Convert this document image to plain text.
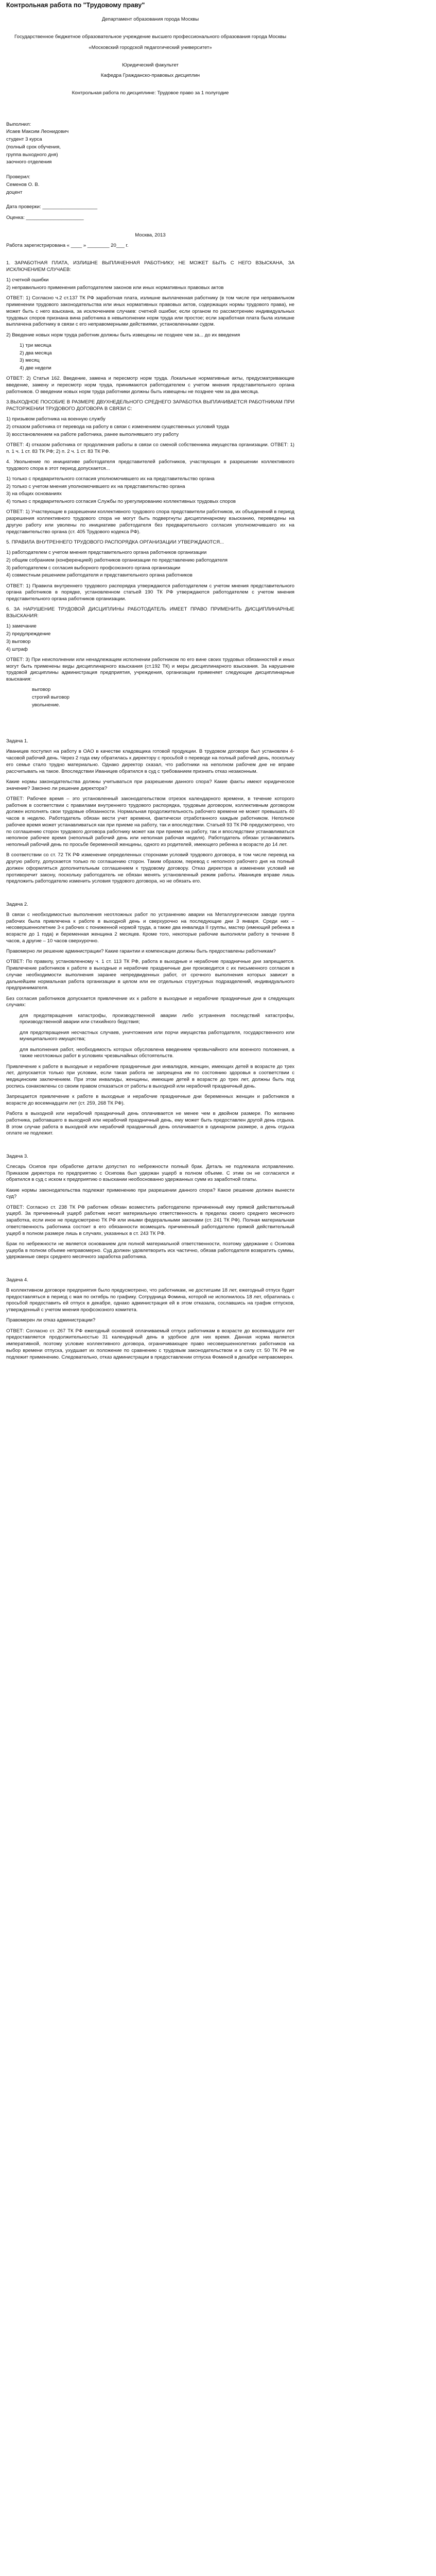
Контрольная работа по "Трудовому праву"

Департамент образования города Москвы

Государственное бюджетное образовательное учреждение высшего профессионального образования города Москвы

«Московский городской педагогический университет»

Юридический факультет

Кафедра Гражданско-правовых дисциплин

Контрольная работа по дисциплине: Трудовое право за 1 полугодие

Выполнил:

Исаев Максим Леонидович

студент 3 курса

(полный срок обучения,

группа выходного дня)

заочного отделения

Проверил:

Семенов О. В.

доцент

Дата проверки: ____________________

Оценка: _____________________

Москва, 2013

Работа зарегистрирована « ____ » ________ 20___ г.

1. ЗАРАБОТНАЯ ПЛАТА, ИЗЛИШНЕ ВЫПЛАЧЕННАЯ РАБОТНИКУ, НЕ МОЖЕТ БЫТЬ С НЕГО ВЗЫСКАНА, ЗА ИСКЛЮЧЕНИЕМ СЛУЧАЕВ:

1) счетной ошибки

2) неправильного применения работодателем законов или иных нормативных правовых актов

ОТВЕТ: 1) Согласно ч.2 ст.137 ТК РФ заработная плата, излишне выплаченная работнику (в том числе при неправильном применении трудового законодательства или иных нормативных правовых актов, содержащих нормы трудового права), не может быть с него взыскана, за исключением случаев: счетной ошибки; если органом по рассмотрению индивидуальных трудовых споров признана вина работника в невыполнении норм труда или простое; если заработная плата была излишне выплачена работнику в связи с его неправомерными действиями, установленными судом.

2) Введение новых норм труда работник должны быть извещены не позднее чем за... до их введения

1) три месяца

2) два месяца

3) месяц

4) две недели

ОТВЕТ: 2) Статья 162. Введение, замена и пересмотр норм труда. Локальные нормативные акты, предусматривающие введение, замену и пересмотр норм труда, принимаются работодателем с учетом мнения представительного органа работников. О введении новых норм труда работники должны быть извещены не позднее чем за два месяца.

3.ВЫХОДНОЕ ПОСОБИЕ В РАЗМЕРЕ ДВУХНЕДЕЛЬНОГО СРЕДНЕГО ЗАРАБОТКА ВЫПЛАЧИВАЕТСЯ РАБОТНИКАМ ПРИ РАСТОРЖЕНИИ ТРУДОВОГО ДОГОВОРА В СВЯЗИ С:

1) призывом работника на военную службу

2) отказом работника от перевода на работу в связи с изменением существенных условий труда

3) восстановлением на работе работника, ранее выполнявшего эту работу

ОТВЕТ: 4) отказом работника от продолжения работы в связи со сменой собственника имущества организации. ОТВЕТ: 1) п. 1 ч. 1 ст. 83 ТК РФ; 2) п. 2 ч. 1 ст. 83 ТК РФ.

4. Увольнение по инициативе работодателя представителей работников, участвующих в разрешении коллективного трудового спора в этот период допускается...

1) только с предварительного согласия уполномочившего их на представительство органа

2) только с учетом мнения уполномочившего их на представительство органа

3) на общих основаниях

4) только с предварительного согласия Службы по урегулированию коллективных трудовых споров

ОТВЕТ: 1) Участвующие в разрешении коллективного трудового спора представители работников, их объединений в период разрешения коллективного трудового спора не могут быть подвергнуты дисциплинарному взысканию, переведены на другую работу или уволены по инициативе работодателя без предварительного согласия уполномочившего их на представительство органа (ст. 405 Трудового кодекса РФ).

5. ПРАВИЛА ВНУТРЕННЕГО ТРУДОВОГО РАСПОРЯДКА ОРГАНИЗАЦИИ УТВЕРЖДАЮТСЯ...

1) работодателем с учетом мнения представительного органа работников организации

2) общим собранием (конференцией) работников организации по представлению работодателя

3) работодателем с согласия выборного профсоюзного органа организации

4) совместным решением работодателя и представительного органа работников

ОТВЕТ: 1) Правила внутреннего трудового распорядка утверждаются работодателем с учетом мнения представительного органа работников в порядке, установленном статьей 190 ТК РФ утверждаются работодателем с учетом мнения представительного органа работников организации.

6. ЗА НАРУШЕНИЕ ТРУДОВОЙ ДИСЦИПЛИНЫ РАБОТОДАТЕЛЬ ИМЕЕТ ПРАВО ПРИМЕНИТЬ ДИСЦИПЛИНАРНЫЕ ВЗЫСКАНИЯ:

1) замечание

2) предупреждение

3) выговор

4) штраф

ОТВЕТ: 3) При неисполнении или ненадлежащем исполнении работником по его вине своих трудовых обязанностей и иных могут быть применены виды дисциплинарного взыскания (ст.192 ТК) и меры дисциплинарного взыскания. За нарушение трудовой дисциплины администрация предприятия, учреждения, организации применяет следующие дисциплинарные взыскания:

выговор

строгий выговор

увольнение.

Задача 1.

Иваницев поступил на работу в ОАО в качестве кладовщика готовой продукции. В трудовом договоре был установлен 4-часовой рабочий день. Через 2 года ему обратилась к директору с просьбой о переводе на полный рабочий день, поскольку его семье стало трудно материально. Однако директор сказал, что работники на неполном рабочем дне не вправе рассчитывать на такое. Впоследствии Иваницев обратился в суд с требованием признать отказ незаконным.

Какие нормы законодательства должны учитываться при разрешении данного спора? Какие факты имеют юридическое значение? Законно ли решение директора?

ОТВЕТ: Рабочее время – это установленный законодательством отрезок календарного времени, в течение которого работник в соответствии с правилами внутреннего трудового распорядка, трудовым договором, коллективным договором должен исполнять свои трудовые обязанности. Нормальная продолжительность рабочего времени не может превышать 40 часов в неделю. Работодатель обязан вести учет времени, фактически отработанного каждым работником. Неполное рабочее время может устанавливаться как при приеме на работу, так и впоследствии. Статьей 93 ТК РФ предусмотрено, что по соглашению сторон трудового договора работнику может как при приеме на работу, так и впоследствии устанавливаться неполное рабочее время (неполный рабочий день или неполная рабочая неделя). Работодатель обязан устанавливать неполный рабочий день по просьбе беременной женщины, одного из родителей, имеющего ребенка в возрасте до 14 лет.

В соответствии со ст. 72 ТК РФ изменение определенных сторонами условий трудового договора, в том числе перевод на другую работу, допускается только по соглашению сторон. Таким образом, перевод с неполного рабочего дня на полный должен оформляться дополнительным соглашением к трудовому договору. Отказ директора в изменении условий не противоречит закону, поскольку работодатель не обязан менять установленный режим работы. Иваницев вправе лишь предложить работодателю изменить условия трудового договора, но не обязать его.

Задача 2.

В связи с необходимостью выполнения неотложных работ по устранению аварии на Металлургическом заводе группа рабочих была привлечена к работе в выходной день и сверхурочно на последующие дни 3 января. Среди них – несовершеннолетние 3-х рабочих с пониженной нормой труда, а также два инвалида II группы, мастер (имеющий ребенка в возрасте до 1 года) и беременная женщина 2 месяцев. Кроме того, некоторые рабочие выполняли работу в течение 8 часов, а другие – 10 часов сверхурочно.

Правомерно ли решение администрации? Какие гарантии и компенсации должны быть предоставлены работникам?

ОТВЕТ: По правилу, установленному ч. 1 ст. 113 ТК РФ, работа в выходные и нерабочие праздничные дни запрещается. Привлечение работников к работе в выходные и нерабочие праздничные дни производится с их письменного согласия в случае необходимости выполнения заранее непредвиденных работ, от срочного выполнения которых зависит в дальнейшем нормальная работа организации в целом или ее отдельных структурных подразделений, индивидуального предпринимателя.

Без согласия работников допускается привлечение их к работе в выходные и нерабочие праздничные дни в следующих случаях:

для предотвращения катастрофы, производственной аварии либо устранения последствий катастрофы, производственной аварии или стихийного бедствия;

для предотвращения несчастных случаев, уничтожения или порчи имущества работодателя, государственного или муниципального имущества;

для выполнения работ, необходимость которых обусловлена введением чрезвычайного или военного положения, а также неотложных работ в условиях чрезвычайных обстоятельств.

Привлечение к работе в выходные и нерабочие праздничные дни инвалидов, женщин, имеющих детей в возрасте до трех лет, допускается только при условии, если такая работа не запрещена им по состоянию здоровья в соответствии с медицинским заключением. При этом инвалиды, женщины, имеющие детей в возрасте до трех лет, должны быть под роспись ознакомлены со своим правом отказаться от работы в выходной или нерабочий праздничный день.

Запрещается привлечение к работе в выходные и нерабочие праздничные дни беременных женщин и работников в возрасте до восемнадцати лет (ст. 259, 268 ТК РФ).

Работа в выходной или нерабочий праздничный день оплачивается не менее чем в двойном размере. По желанию работника, работавшего в выходной или нерабочий праздничный день, ему может быть предоставлен другой день отдыха. В этом случае работа в выходной или нерабочий праздничный день оплачивается в одинарном размере, а день отдыха оплате не подлежит.

Задача 3.

Слесарь Осипов при обработке детали допустил по небрежности полный брак. Деталь не подлежала исправлению. Приказом директора по предприятию с Осипова был удержан ущерб в полном объеме. С этим он не согласился и обратился в суд с иском к предприятию о взыскании необоснованно удержанных сумм из заработной платы.

Какие нормы законодательства подлежат применению при разрешении данного спора? Какое решение должен вынести суд?

ОТВЕТ: Согласно ст. 238 ТК РФ работник обязан возместить работодателю причиненный ему прямой действительный ущерб. За причиненный ущерб работник несет материальную ответственность в пределах своего среднего месячного заработка, если иное не предусмотрено ТК РФ или иными федеральными законами (ст. 241 ТК РФ). Полная материальная ответственность работника состоит в его обязанности возмещать причиненный работодателю прямой действительный ущерб в полном размере лишь в случаях, указанных в ст. 243 ТК РФ.

Брак по небрежности не является основанием для полной материальной ответственности, поэтому удержание с Осипова ущерба в полном объеме неправомерно. Суд должен удовлетворить иск частично, обязав работодателя возвратить суммы, удержанные сверх среднего месячного заработка работника.

Задача 4.

В коллективном договоре предприятия было предусмотрено, что работникам, не достигшим 18 лет, ежегодный отпуск будет предоставляться в период с мая по октябрь по графику. Сотрудница Фомина, которой не исполнилось 18 лет, обратилась с просьбой предоставить ей отпуск в декабре, однако администрация ей в этом отказала, сославшись на график отпусков, утвержденный с учетом мнения профсоюзного комитета.

Правомерен ли отказ администрации?

ОТВЕТ: Согласно ст. 267 ТК РФ ежегодный основной оплачиваемый отпуск работникам в возрасте до восемнадцати лет предоставляется продолжительностью 31 календарный день в удобное для них время. Данная норма является императивной, поэтому условие коллективного договора, ограничивающее право несовершеннолетних работников на выбор времени отпуска, ухудшает их положение по сравнению с трудовым законодательством и в силу ст. 50 ТК РФ не подлежит применению. Следовательно, отказ администрации в предоставлении отпуска Фоминой в декабре неправомерен.
